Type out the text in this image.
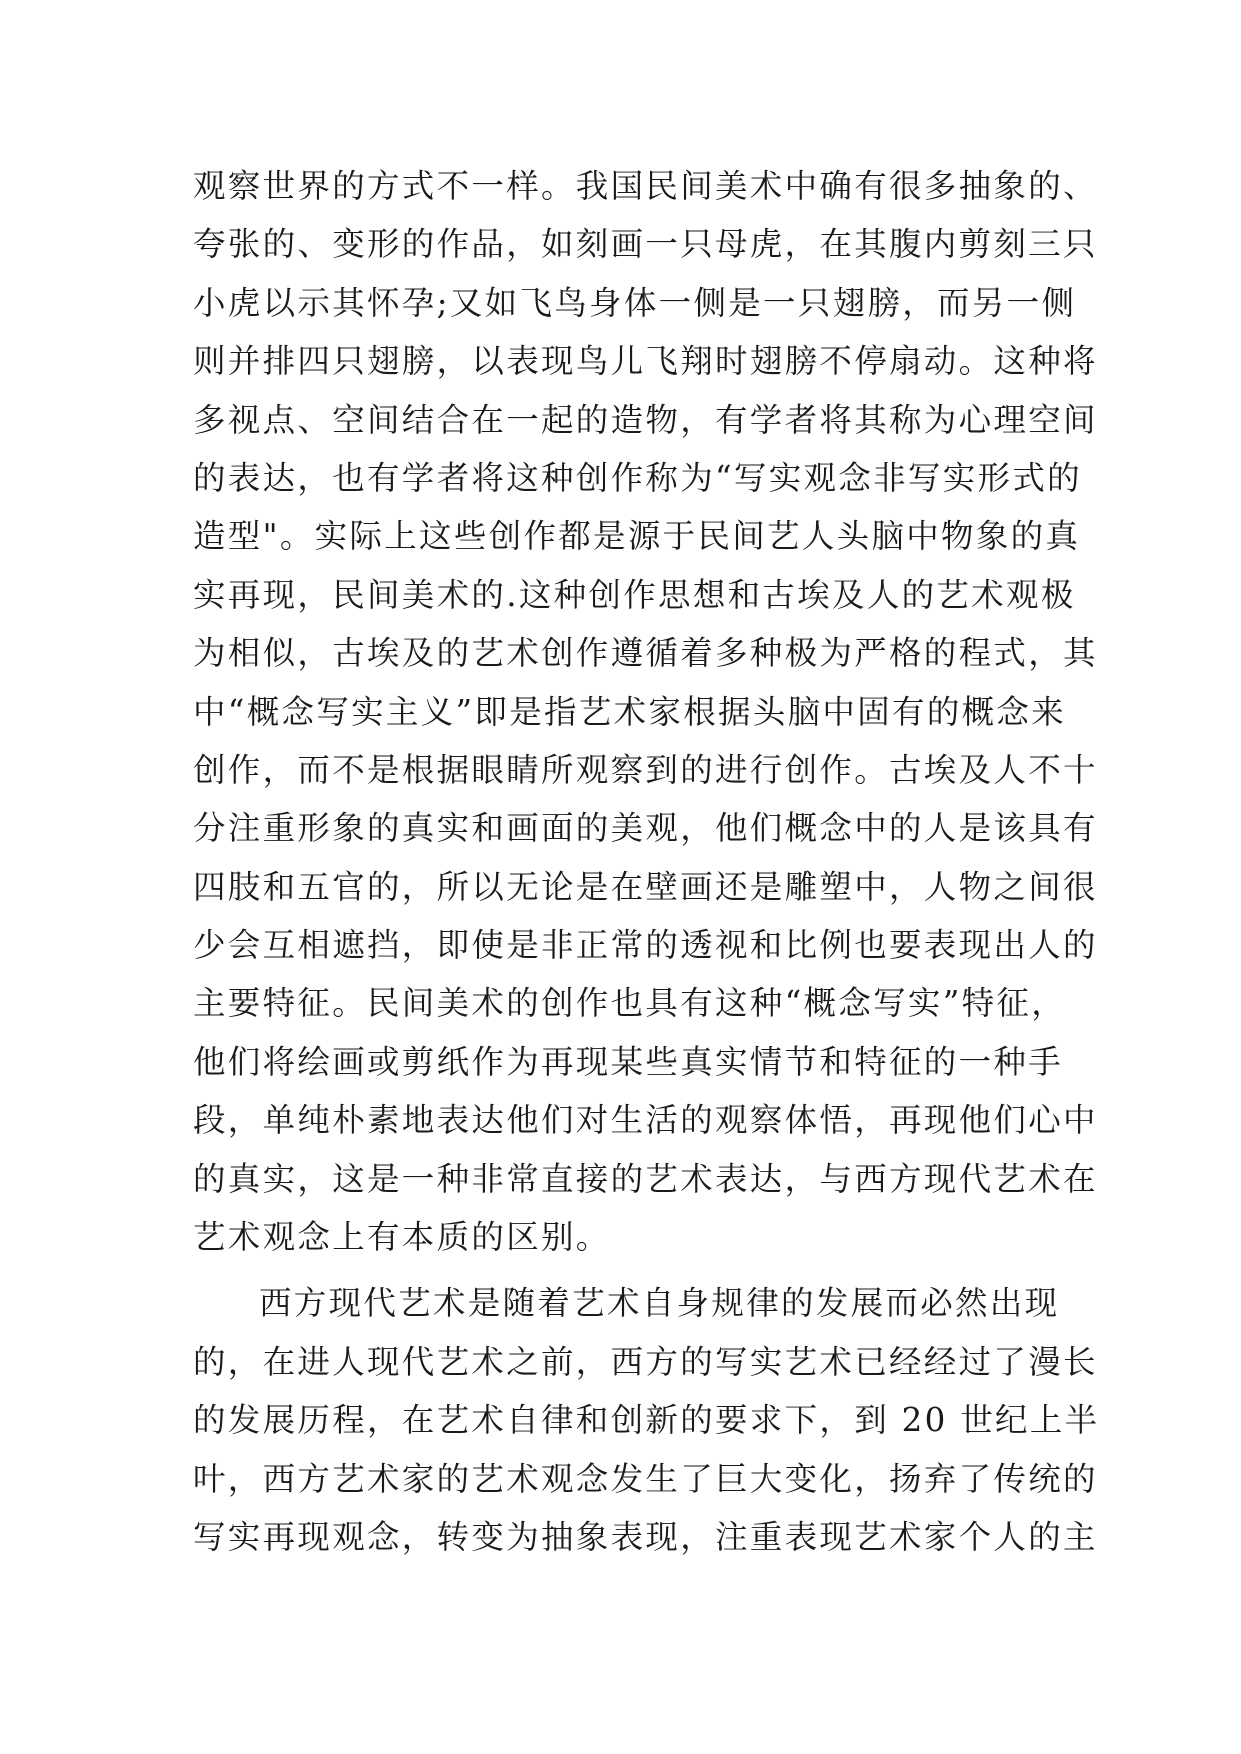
观察世界的方式不一样。我国民间美术中确有很多抽象的、
夸张的、变形的作品，如刻画一只母虎，在其腹内剪刻三只
小虎以示其怀孕;又如飞鸟身体一侧是一只翅膀，而另一侧
则并排四只翅膀，以表现鸟儿飞翔时翅膀不停扇动。这种将
多视点、空间结合在一起的造物，有学者将其称为心理空间
的表达，也有学者将这种创作称为“写实观念非写实形式的
造型"。实际上这些创作都是源于民间艺人头脑中物象的真
实再现，民间美术的.这种创作思想和古埃及人的艺术观极
为相似，古埃及的艺术创作遵循着多种极为严格的程式，其
中“概念写实主义”即是指艺术家根据头脑中固有的概念来
创作，而不是根据眼睛所观察到的进行创作。古埃及人不十
分注重形象的真实和画面的美观，他们概念中的人是该具有
四肢和五官的，所以无论是在壁画还是雕塑中，人物之间很
少会互相遮挡，即使是非正常的透视和比例也要表现出人的
主要特征。民间美术的创作也具有这种“概念写实”特征，
他们将绘画或剪纸作为再现某些真实情节和特征的一种手
段，单纯朴素地表达他们对生活的观察体悟，再现他们心中
的真实，这是一种非常直接的艺术表达，与西方现代艺术在
艺术观念上有本质的区别。
西方现代艺术是随着艺术自身规律的发展而必然出现
的，在进人现代艺术之前，西方的写实艺术已经经过了漫长
的发展历程，在艺术自律和创新的要求下，到 20 世纪上半
叶，西方艺术家的艺术观念发生了巨大变化，扬弃了传统的
写实再现观念，转变为抽象表现，注重表现艺术家个人的主
